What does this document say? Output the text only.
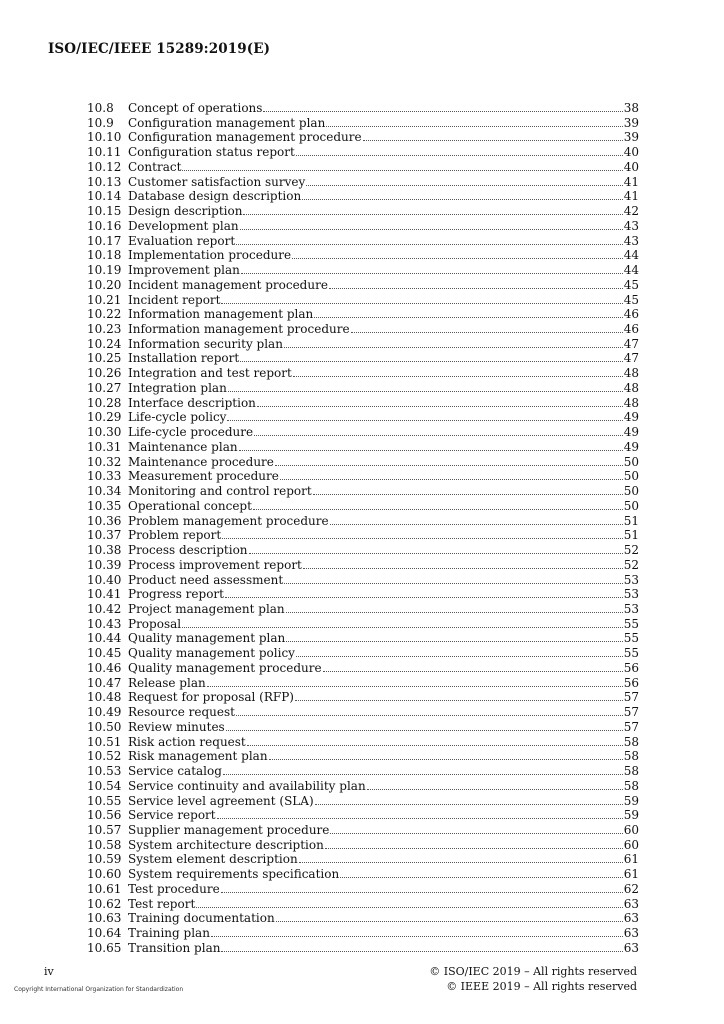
ISO/IEC/IEEE 15289:2019(E)
10.8	Concept of operations	38
10.9	Configuration management plan	39
10.10 Configuration management procedure	39
10.11 Configuration status report	40
10.12 Contract	40
10.13 Customer satisfaction survey	41
10.14 Database design description	41
10.15 Design description	42
10.16 Development plan	43
10.17 Evaluation report	43
10.18 Implementation procedure	44
10.19 Improvement plan	44
10.20 Incident management procedure	45
10.21 Incident report	45
10.22 Information management plan	46
10.23 Information management procedure	46
10.24 Information security plan	47
10.25 Installation report	47
10.26 Integration and test report	48
10.27 Integration plan	48
10.28 Interface description	48
10.29 Life-cycle policy	49
10.30 Life-cycle procedure	49
10.31 Maintenance plan	49
10.32 Maintenance procedure	50
10.33 Measurement procedure	50
10.34 Monitoring and control report	50
10.35 Operational concept	50
10.36 Problem management procedure	51
10.37 Problem report	51
10.38 Process description	52
10.39 Process improvement report	52
10.40 Product need assessment	53
10.41 Progress report	53
10.42 Project management plan	53
10.43 Proposal	55
10.44 Quality management plan	55
10.45 Quality management policy	55
10.46 Quality management procedure	56
10.47 Release plan	56
10.48 Request for proposal (RFP)	57
10.49 Resource request	57
10.50 Review minutes	57
10.51 Risk action request	58
10.52 Risk management plan	58
10.53 Service catalog	58
10.54 Service continuity and availability plan	58
10.55 Service level agreement (SLA)	59
10.56 Service report	59
10.57 Supplier management procedure	60
10.58 System architecture description	60
10.59 System element description	61
10.60 System requirements specification	61
10.61 Test procedure	62
10.62 Test report	63
10.63 Training documentation	63
10.64 Training plan	63
10.65 Transition plan	63
iv
Copyright International Organization for Standardization
© ISO/IEC 2019 – All rights reserved
© IEEE 2019 – All rights reserved
